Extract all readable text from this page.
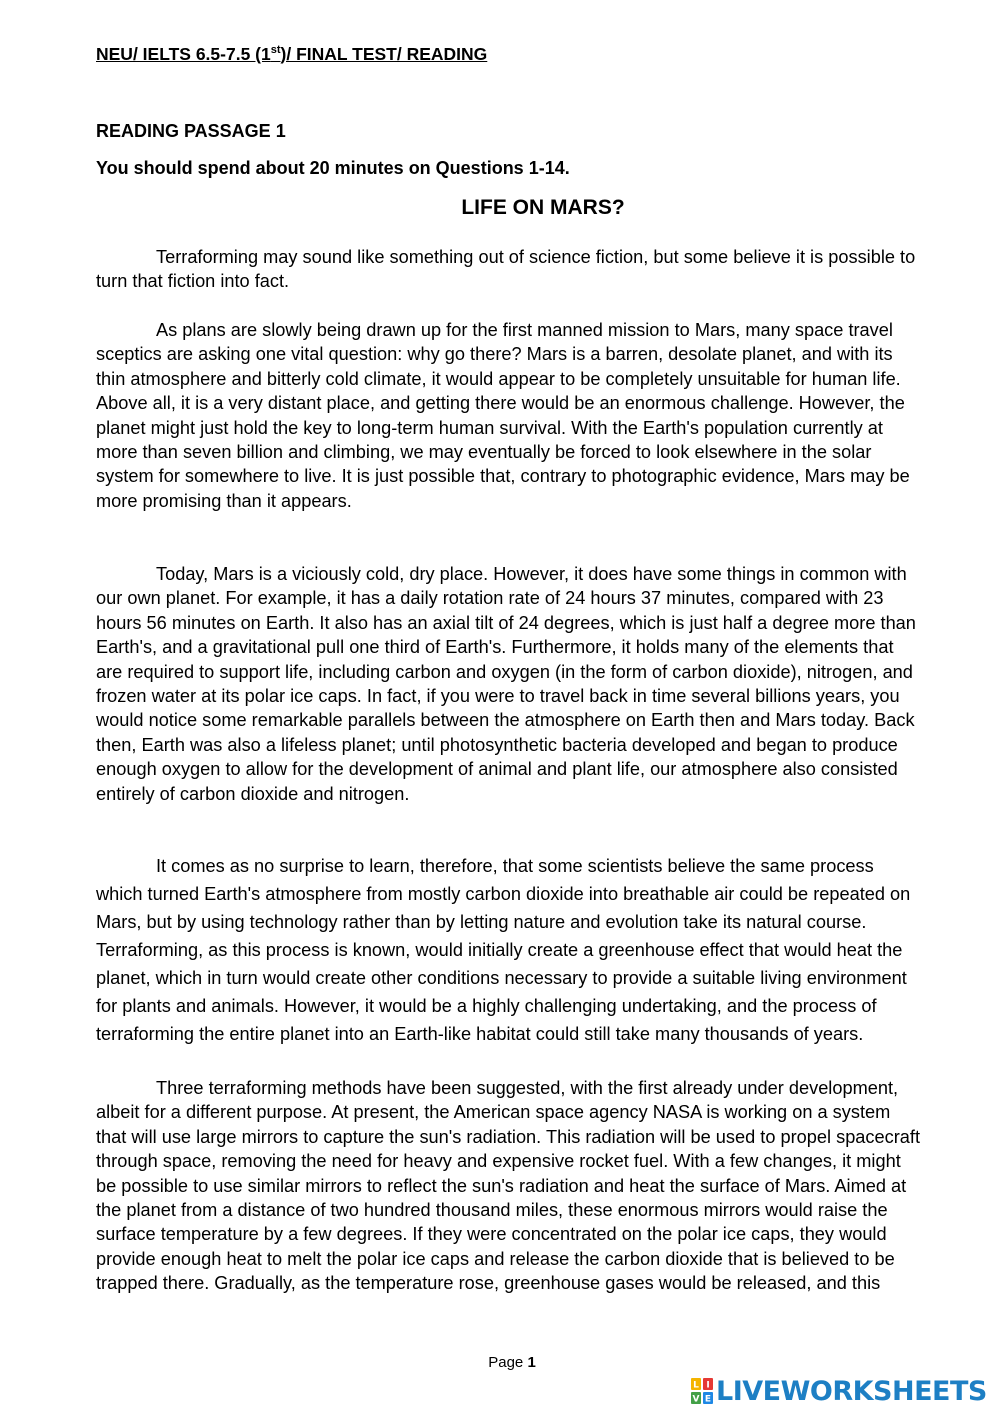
NEU/ IELTS 6.5-7.5 (1st)/ FINAL TEST/ READING
READING PASSAGE 1
You should spend about 20 minutes on Questions 1-14.
LIFE ON MARS?

Terraforming may sound like something out of science fiction, but some believe it is possible to turn that fiction into fact.

As plans are slowly being drawn up for the first manned mission to Mars, many space travel sceptics are asking one vital question: why go there? Mars is a barren, desolate planet, and with its thin atmosphere and bitterly cold climate, it would appear to be completely unsuitable for human life. Above all, it is a very distant place, and getting there would be an enormous challenge. However, the planet might just hold the key to long-term human survival. With the Earth's population currently at more than seven billion and climbing, we may eventually be forced to look elsewhere in the solar system for somewhere to live. It is just possible that, contrary to photographic evidence, Mars may be more promising than it appears.

Today, Mars is a viciously cold, dry place. However, it does have some things in common with our own planet. For example, it has a daily rotation rate of 24 hours 37 minutes, compared with 23 hours 56 minutes on Earth. It also has an axial tilt of 24 degrees, which is just half a degree more than Earth's, and a gravitational pull one third of Earth's. Furthermore, it holds many of the elements that are required to support life, including carbon and oxygen (in the form of carbon dioxide), nitrogen, and frozen water at its polar ice caps. In fact, if you were to travel back in time several billions years, you would notice some remarkable parallels between the atmosphere on Earth then and Mars today. Back then, Earth was also a lifeless planet; until photosynthetic bacteria developed and began to produce enough oxygen to allow for the development of animal and plant life, our atmosphere also consisted entirely of carbon dioxide and nitrogen.

It comes as no surprise to learn, therefore, that some scientists believe the same process which turned Earth's atmosphere from mostly carbon dioxide into breathable air could be repeated on Mars, but by using technology rather than by letting nature and evolution take its natural course. Terraforming, as this process is known, would initially create a greenhouse effect that would heat the planet, which in turn would create other conditions necessary to provide a suitable living environment for plants and animals. However, it would be a highly challenging undertaking, and the process of terraforming the entire planet into an Earth-like habitat could still take many thousands of years.

Three terraforming methods have been suggested, with the first already under development, albeit for a different purpose. At present, the American space agency NASA is working on a system that will use large mirrors to capture the sun's radiation. This radiation will be used to propel spacecraft through space, removing the need for heavy and expensive rocket fuel. With a few changes, it might be possible to use similar mirrors to reflect the sun's radiation and heat the surface of Mars. Aimed at the planet from a distance of two hundred thousand miles, these enormous mirrors would raise the surface temperature by a few degrees. If they were concentrated on the polar ice caps, they would provide enough heat to melt the polar ice caps and release the carbon dioxide that is believed to be trapped there. Gradually, as the temperature rose, greenhouse gases would be released, and this

Page 1
L I
V E LIVEWORKSHEETS
